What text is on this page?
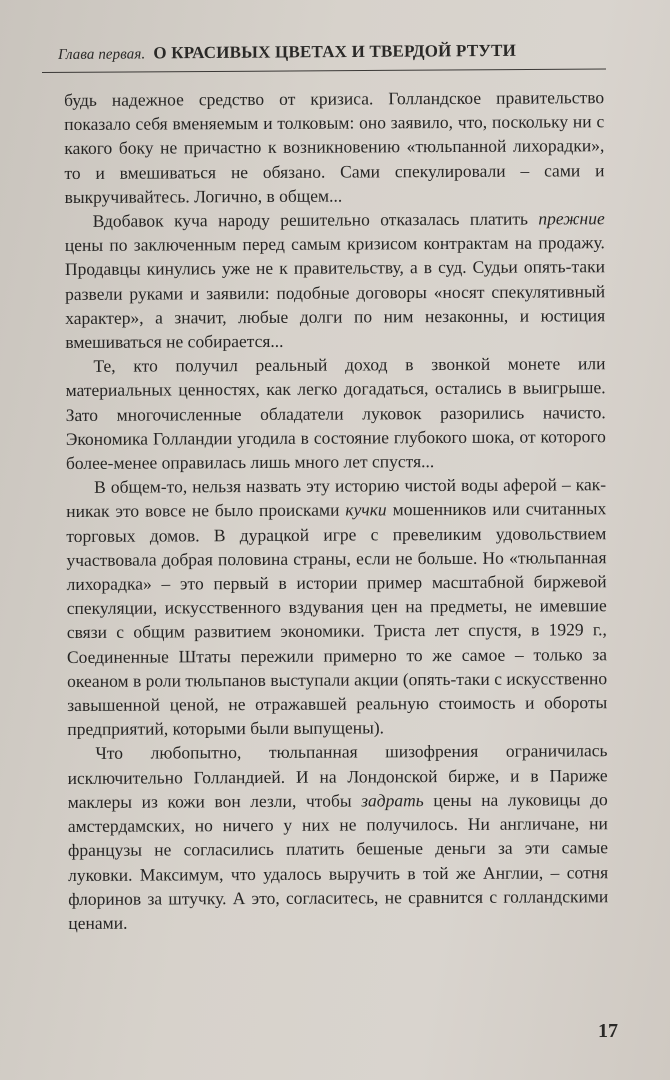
Глава первая. О КРАСИВЫХ ЦВЕТАХ И ТВЕРДОЙ РТУТИ

будь надежное средство от кризиса. Голландское правительство показало себя вменяемым и толковым: оно заявило, что, поскольку ни с какого боку не причастно к возникновению «тюльпанной лихорадки», то и вмешиваться не обязано. Сами спекулировали – сами и выкручивайтесь. Логично, в общем...

Вдобавок куча народу решительно отказалась платить прежние цены по заключенным перед самым кризисом контрактам на продажу. Продавцы кинулись уже не к правительству, а в суд. Судьи опять-таки развели руками и заявили: подобные договоры «носят спекулятивный характер», а значит, любые долги по ним незаконны, и юстиция вмешиваться не собирается...

Те, кто получил реальный доход в звонкой монете или материальных ценностях, как легко догадаться, остались в выигрыше. Зато многочисленные обладатели луковок разорились начисто. Экономика Голландии угодила в состояние глубокого шока, от которого более-менее оправилась лишь много лет спустя...

В общем-то, нельзя назвать эту историю чистой воды аферой – как-никак это вовсе не было происками кучки мошенников или считанных торговых домов. В дурацкой игре с превеликим удовольствием участвовала добрая половина страны, если не больше. Но «тюльпанная лихорадка» – это первый в истории пример масштабной биржевой спекуляции, искусственного вздувания цен на предметы, не имевшие связи с общим развитием экономики. Триста лет спустя, в 1929 г., Соединенные Штаты пережили примерно то же самое – только за океаном в роли тюльпанов выступали акции (опять-таки с искусственно завышенной ценой, не отражавшей реальную стоимость и обороты предприятий, которыми были выпущены).

Что любопытно, тюльпанная шизофрения ограничилась исключительно Голландией. И на Лондонской бирже, и в Париже маклеры из кожи вон лезли, чтобы задрать цены на луковицы до амстердамских, но ничего у них не получилось. Ни англичане, ни французы не согласились платить бешеные деньги за эти самые луковки. Максимум, что удалось выручить в той же Англии, – сотня флоринов за штучку. А это, согласитесь, не сравнится с голландскими ценами.

17
